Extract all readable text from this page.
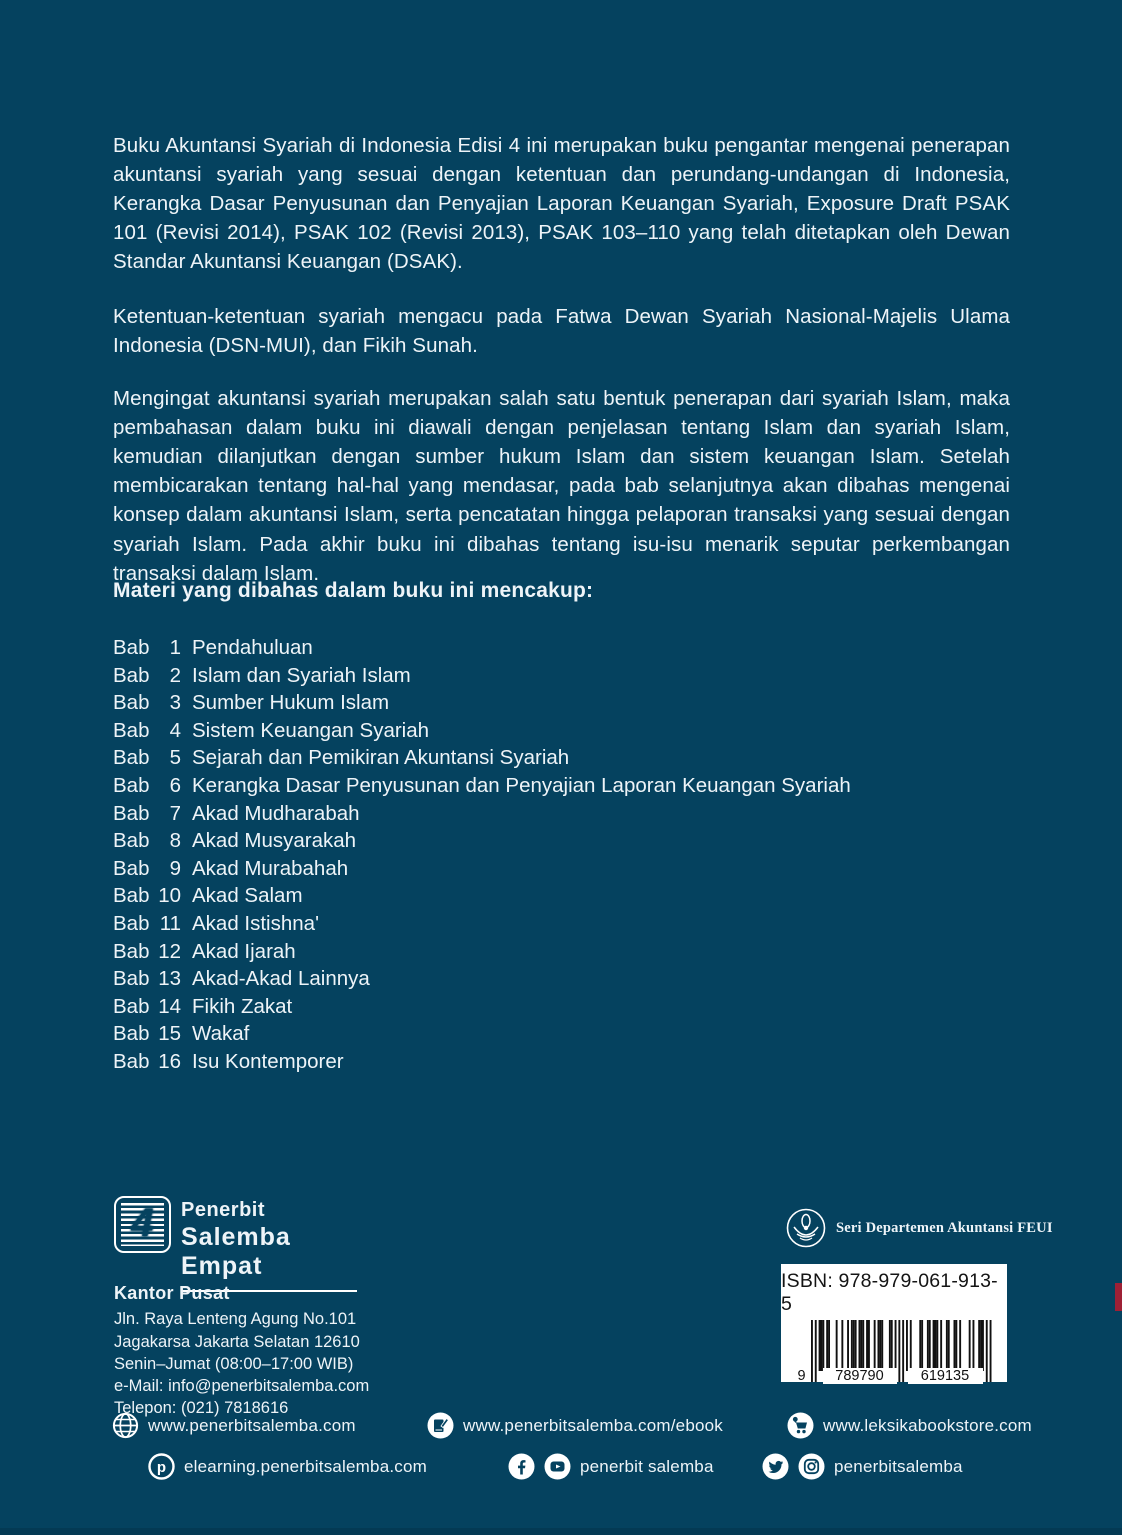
Buku Akuntansi Syariah di Indonesia Edisi 4 ini merupakan buku pengantar mengenai penerapan akuntansi syariah yang sesuai dengan ketentuan dan perundang-undangan di Indonesia, Kerangka Dasar Penyusunan dan Penyajian Laporan Keuangan Syariah, Exposure Draft PSAK 101 (Revisi 2014), PSAK 102 (Revisi 2013), PSAK 103–110 yang telah ditetapkan oleh Dewan Standar Akuntansi Keuangan (DSAK).

Ketentuan-ketentuan syariah mengacu pada Fatwa Dewan Syariah Nasional-Majelis Ulama Indonesia (DSN-MUI), dan Fikih Sunah.

Mengingat akuntansi syariah merupakan salah satu bentuk penerapan dari syariah Islam, maka pembahasan dalam buku ini diawali dengan penjelasan tentang Islam dan syariah Islam, kemudian dilanjutkan dengan sumber hukum Islam dan sistem keuangan Islam. Setelah membicarakan tentang hal-hal yang mendasar, pada bab selanjutnya akan dibahas mengenai konsep dalam akuntansi Islam, serta pencatatan hingga pelaporan transaksi yang sesuai dengan syariah Islam. Pada akhir buku ini dibahas tentang isu-isu menarik seputar perkembangan transaksi dalam Islam.

Materi yang dibahas dalam buku ini mencakup:
Bab 1 Pendahuluan
Bab 2 Islam dan Syariah Islam
Bab 3 Sumber Hukum Islam
Bab 4 Sistem Keuangan Syariah
Bab 5 Sejarah dan Pemikiran Akuntansi Syariah
Bab 6 Kerangka Dasar Penyusunan dan Penyajian Laporan Keuangan Syariah
Bab 7 Akad Mudharabah
Bab 8 Akad Musyarakah
Bab 9 Akad Murabahah
Bab 10 Akad Salam
Bab 11 Akad Istishna'
Bab 12 Akad Ijarah
Bab 13 Akad-Akad Lainnya
Bab 14 Fikih Zakat
Bab 15 Wakaf
Bab 16 Isu Kontemporer
4	Penerbit
Salemba Empat
Kantor Pusat
Jln. Raya Lenteng Agung No.101
Jagakarsa Jakarta Selatan 12610
Senin–Jumat (08:00–17:00 WIB)
e-Mail: info@penerbitsalemba.com
Telepon: (021) 7818616
Seri Departemen Akuntansi FEUI
ISBN: 978-979-061-913-5
9	789790	619135
www.penerbitsalemba.com	www.penerbitsalemba.com/ebook	www.leksikabookstore.com
p elearning.penerbitsalemba.com	penerbit salemba	penerbitsalemba
